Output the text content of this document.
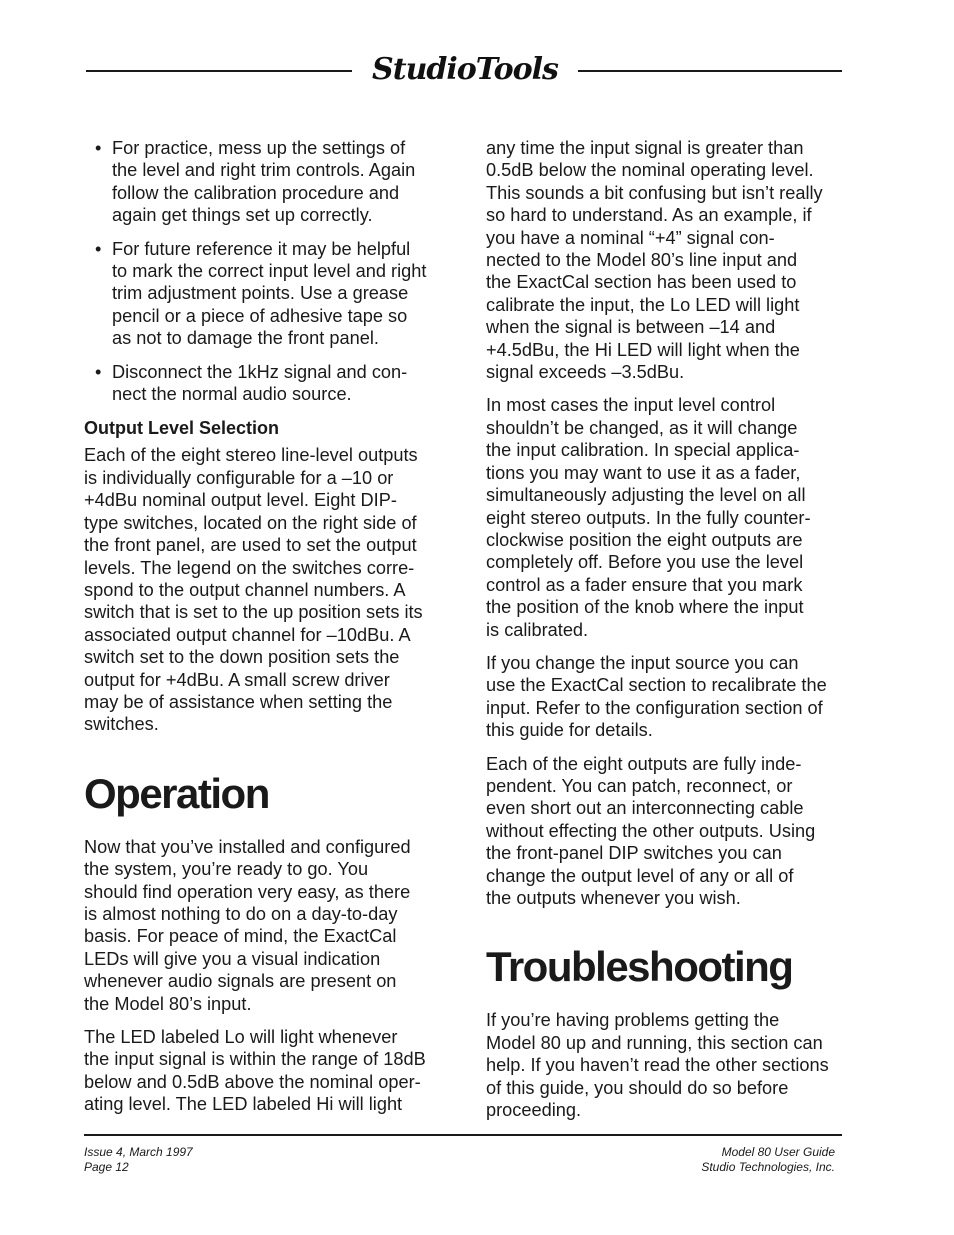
StudioTools
• For practice, mess up the settings of
the level and right trim controls. Again
follow the calibration procedure and
again get things set up correctly.
• For future reference it may be helpful
to mark the correct input level and right
trim adjustment points. Use a grease
pencil or a piece of adhesive tape so
as not to damage the front panel.
• Disconnect the 1kHz signal and con-
nect the normal audio source.
Output Level Selection

Each of the eight stereo line-level outputs
is individually configurable for a –10 or
+4dBu nominal output level. Eight DIP-
type switches, located on the right side of
the front panel, are used to set the output
levels. The legend on the switches corre-
spond to the output channel numbers. A
switch that is set to the up position sets its
associated output channel for –10dBu. A
switch set to the down position sets the
output for +4dBu. A small screw driver
may be of assistance when setting the
switches.

Operation

Now that you’ve installed and configured
the system, you’re ready to go. You
should find operation very easy, as there
is almost nothing to do on a day-to-day
basis. For peace of mind, the ExactCal
LEDs will give you a visual indication
whenever audio signals are present on
the Model 80’s input.

The LED labeled Lo will light whenever
the input signal is within the range of 18dB
below and 0.5dB above the nominal oper-
ating level. The LED labeled Hi will light

any time the input signal is greater than
0.5dB below the nominal operating level.
This sounds a bit confusing but isn’t really
so hard to understand. As an example, if
you have a nominal “+4” signal con-
nected to the Model 80’s line input and
the ExactCal section has been used to
calibrate the input, the Lo LED will light
when the signal is between –14 and
+4.5dBu, the Hi LED will light when the
signal exceeds –3.5dBu.

In most cases the input level control
shouldn’t be changed, as it will change
the input calibration. In special applica-
tions you may want to use it as a fader,
simultaneously adjusting the level on all
eight stereo outputs. In the fully counter-
clockwise position the eight outputs are
completely off. Before you use the level
control as a fader ensure that you mark
the position of the knob where the input
is calibrated.

If you change the input source you can
use the ExactCal section to recalibrate the
input. Refer to the configuration section of
this guide for details.

Each of the eight outputs are fully inde-
pendent. You can patch, reconnect, or
even short out an interconnecting cable
without effecting the other outputs. Using
the front-panel DIP switches you can
change the output level of any or all of
the outputs whenever you wish.

Troubleshooting

If you’re having problems getting the
Model 80 up and running, this section can
help. If you haven’t read the other sections
of this guide, you should do so before
proceeding.

Issue 4, March 1997
Page 12
Model 80 User Guide
Studio Technologies, Inc.
